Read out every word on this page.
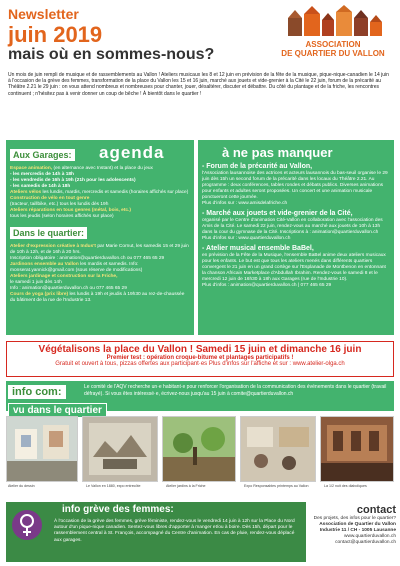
Newsletter
juin 2019
mais où en sommes-nous?
ASSOCIATION
DE QUARTIER DU VALLON
Un mois de juin rempli de musique et de rassemblements au Vallon ! Ateliers musicaux les 8 et 12 juin en prévision de la fête de la musique, pique-nique-canadien le 14 juin à l'occasion de la grève des femmes, transformation de la place du Vallon les 15 et 16 juin, marché aux jouets et vide-grenier à la Cité le 22 juin, forum de la précarité au Théâtre 2.21 le 29 juin : on vous attend nombreux et nombreuses pour chanter, jouer, désaltérer, discuter et débattre. Du côté du plantage et de la friche, les rencontres continuent ; n'hésitez pas à venir donner un coup de bêche ! À bientôt dans le quartier !
Aux Garages: agenda
Espace animation, (en alternance avec Instant) et la place du jeux
- les mercredis de 14h à 18h
- les vendredis de 16h à 19h (21h pour les adolescents)
- les samedis de 14h à 18h
Ateliers vélos les lundis, mardis, mercredis et samedis (horaires affichés sur place)
Construction de vélo en tout genre
(tracteur, taillbike, etc.) tous les lundis dès 19h
Ateliers réparations en tous genres (métal, bois, etc.)
tous les jeudis (selon horaires affichés sur place)
Dans le quartier:
Atelier d'expression créative à Indus't par Marie Cornut, les samedis 15 et 29 juin de 10h à 12h, et de 16h à 20 hrs.
Inscription obligatoire : animation@quartierduvallon.ch ou 077 465 65 29
Jardinons ensemble au Vallon les mardis et samedis. Info: monserat.yannick@gmail.com (sous réserve de modifications)
Ateliers jardinage et construction sur la Friche,
le samedi 1 juin dès 14h
Info : animation@quartierduvallon.ch ou 077 465 65 29
Cours de yoga (prix libre) les lundis à 19h et jeudis à 19h30 au rez-de-chaussée du bâtiment de la rue de l'Industrie 13.
à ne pas manquer
- Forum de la précarité au Vallon,
l'Association lausannoise des actrices et acteurs lausannois du bas-seuil organise le 29 juin dès 15h un second forum de la précarité dans les locaux du Théâtre 2.21. Au programme : deux conférences, tables rondes et débats publics. Diverses animations pour enfants et adultes seront proposées. Un concert et une animation musicale ponctueront cette journée.
Plus d'infos sur : www.amisdelafriche.ch
- Marché aux jouets et vide-grenier de la Cité,
organisé par le Centre d'animation Cité-Vallon en collaboration avec l'association des Amis de la Cité. Le samedi 22 juin, rendez-vous au marché aux jouets de 10h à 13h dans la cour du gymnase de la Cité. Inscriptions à : animation@quartierduvallon.ch
Plus d'infos sur : www.quartierduvallon.ch
- Atelier musical ensemble BaBel,
en prévision de la Fête de la Musique, l'ensemble BaBel anime deux ateliers musicaux pour les enfants. Le but est que tous les ateliers menés dans différents quartiers convergent le 21 juin en un grand cortège sur l'Esplanade de Montbenon en entonnant la chanson Africain Marketplace d'Abdullah Ibrahim. Rendez-vous le samedi 8 et le mercredi 12 juin de 16h30 à 18h aux Garages (rue de l'Industrie 10).
Plus d'infos : animation@quartierduvallon.ch | 077 465 65 29
Végétalisons la place du Vallon ! Samedi 15 juin et dimanche 16 juin
Premier test : opération croque-bitume et plantages participatifs !
Gratuit et ouvert à tous, pizzas offertes aux participant·es Plus d'infos sur l'affiche et sur : www.atelier-olga.ch
info com:	Le comité de l'AQV recherche un·e habitant·e pour renforcer l'organisation de la communication des événements dans le quartier (travail défrayé). Si vous êtes intéressé·e, écrivez-nous jusqu'au 15 juin à comite@quartierduvallon.ch
vu dans le quartier
Atelier du dessin	Le Vallon en 1880, expo entrecôte	Atelier jardins à la Friche	Expo Responsables printemps au Vallon	La 1/2 nuit des diaboliques
info grève des femmes:
À l'occasion de la grève des femmes, grève féministe, rendez-vous le vendredi 14 juin à 12h sur la Place du Nord autour d'un pique-nique canadien. Sentez-vous libres d'apporter à manger et/ou à boire. Dès 15h, départ pour le rassemblement central à St. François, accompagné du Centre d'animation. En cas de pluie, rendez-vous déplacé aux garages.
contact
Des projets, des infos pour le quartier?
Association de Quartier du Vallon
Industrie 11 / CH - 1005 Lausanne
www.quartierduvallon.ch
contact@quartierduvallon.ch
